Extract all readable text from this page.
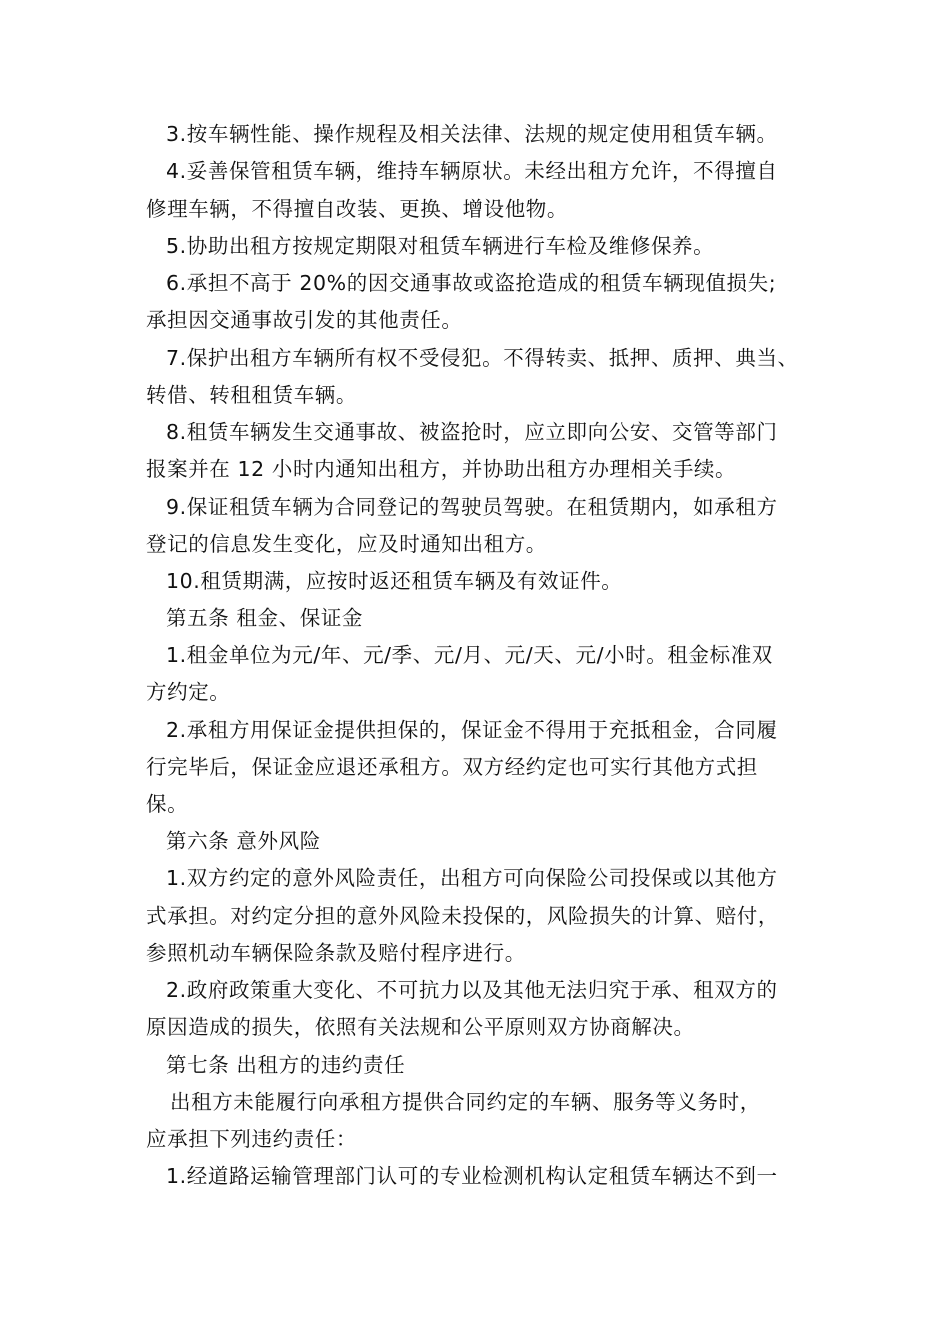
3.按车辆性能、操作规程及相关法律、法规的规定使用租赁车辆。
4.妥善保管租赁车辆，维持车辆原状。未经出租方允许，不得擅自
修理车辆，不得擅自改装、更换、增设他物。
5.协助出租方按规定期限对租赁车辆进行车检及维修保养。
6.承担不高于 20%的因交通事故或盗抢造成的租赁车辆现值损失;
承担因交通事故引发的其他责任。
7.保护出租方车辆所有权不受侵犯。不得转卖、抵押、质押、典当、
转借、转租租赁车辆。
8.租赁车辆发生交通事故、被盗抢时，应立即向公安、交管等部门
报案并在 12 小时内通知出租方，并协助出租方办理相关手续。
9.保证租赁车辆为合同登记的驾驶员驾驶。在租赁期内，如承租方
登记的信息发生变化，应及时通知出租方。
10.租赁期满，应按时返还租赁车辆及有效证件。
第五条 租金、保证金
1.租金单位为元/年、元/季、元/月、元/天、元/小时。租金标准双
方约定。
2.承租方用保证金提供担保的，保证金不得用于充抵租金，合同履
行完毕后，保证金应退还承租方。双方经约定也可实行其他方式担
保。
第六条 意外风险
1.双方约定的意外风险责任，出租方可向保险公司投保或以其他方
式承担。对约定分担的意外风险未投保的，风险损失的计算、赔付，
参照机动车辆保险条款及赔付程序进行。
2.政府政策重大变化、不可抗力以及其他无法归究于承、租双方的
原因造成的损失，依照有关法规和公平原则双方协商解决。
第七条 出租方的违约责任
出租方未能履行向承租方提供合同约定的车辆、服务等义务时，
应承担下列违约责任：
1.经道路运输管理部门认可的专业检测机构认定租赁车辆达不到一
